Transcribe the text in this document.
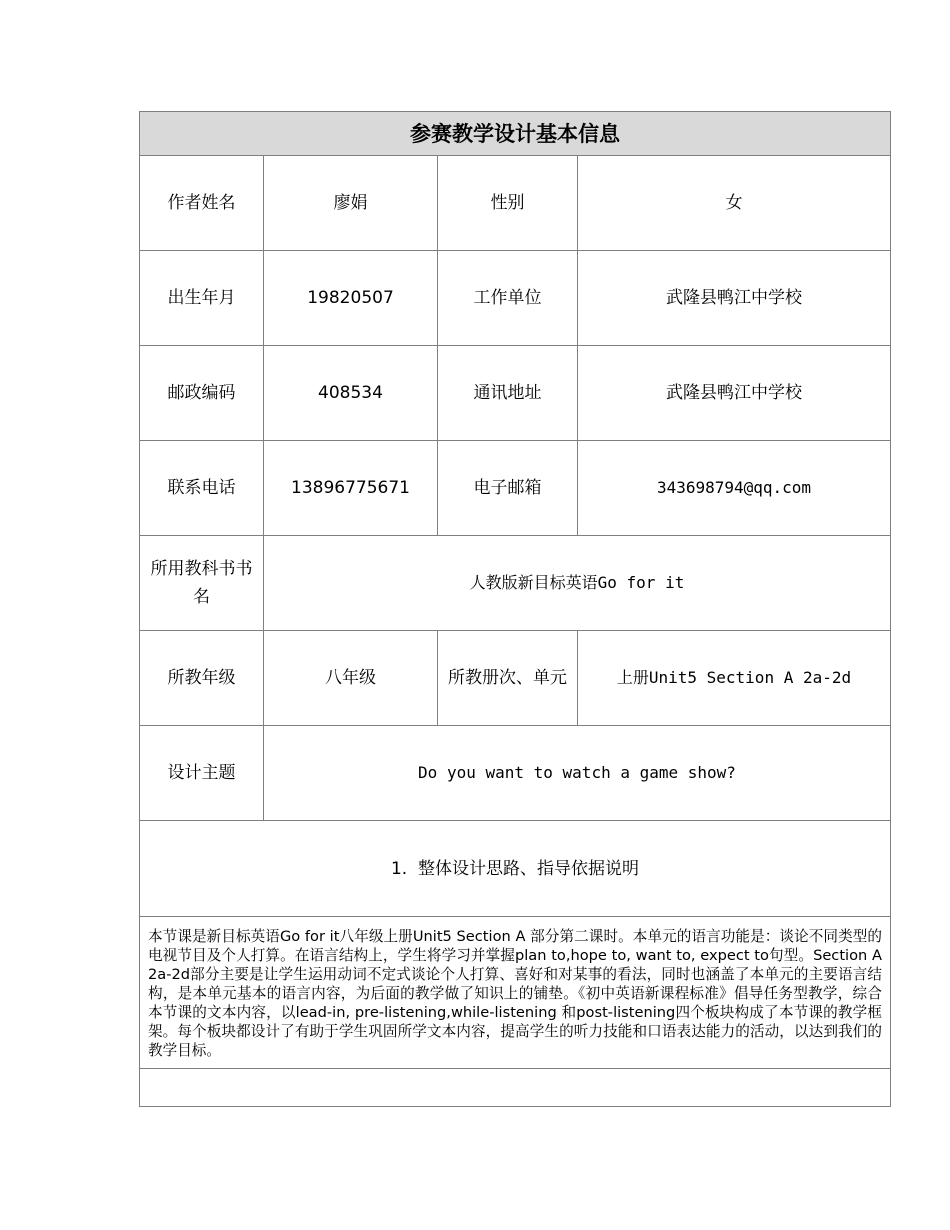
参赛教学设计基本信息			
作者姓名	廖娟	性别	女
出生年月	19820507	工作单位	武隆县鸭江中学校
邮政编码	408534	通讯地址	武隆县鸭江中学校
联系电话	13896775671	电子邮箱	343698794@qq.com
所用教科书书名	人教版新目标英语Go for it		
所教年级	八年级	所教册次、单元	上册Unit5 Section A 2a-2d
设计主题	Do you want to watch a game show?		
1.  整体设计思路、指导依据说明			
本节课是新目标英语Go for it八年级上册Unit5 Section A 部分第二课时。本单元的语言功能是：谈论不同类型的电视节目及个人打算。在语言结构上，学生将学习并掌握plan to,hope to, want to, expect to句型。Section A 2a-2d部分主要是让学生运用动词不定式谈论个人打算、喜好和对某事的看法，同时也涵盖了本单元的主要语言结构，是本单元基本的语言内容，为后面的教学做了知识上的铺垫。《初中英语新课程标准》倡导任务型教学，综合本节课的文本内容，以lead-in, pre-listening,while-listening 和post-listening四个板块构成了本节课的教学框架。每个板块都设计了有助于学生巩固所学文本内容，提高学生的听力技能和口语表达能力的活动，以达到我们的教学目标。			
